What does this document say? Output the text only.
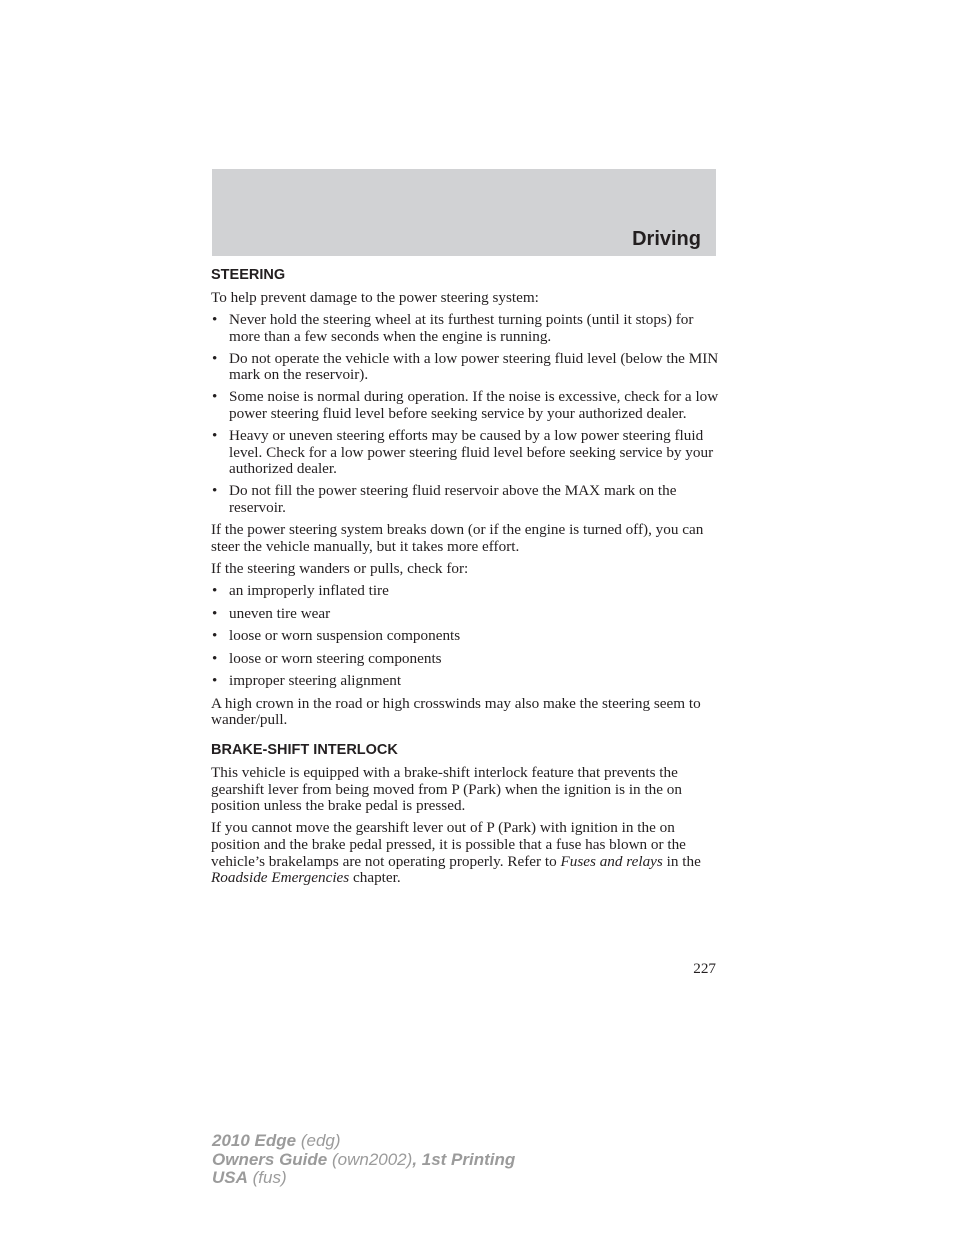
Driving
STEERING

To help prevent damage to the power steering system:

• Never hold the steering wheel at its furthest turning points (until it stops) for more than a few seconds when the engine is running.
• Do not operate the vehicle with a low power steering fluid level (below the MIN mark on the reservoir).
• Some noise is normal during operation. If the noise is excessive, check for a low power steering fluid level before seeking service by your authorized dealer.
• Heavy or uneven steering efforts may be caused by a low power steering fluid level. Check for a low power steering fluid level before seeking service by your authorized dealer.
• Do not fill the power steering fluid reservoir above the MAX mark on the reservoir.

If the power steering system breaks down (or if the engine is turned off), you can steer the vehicle manually, but it takes more effort.

If the steering wanders or pulls, check for:

• an improperly inflated tire
• uneven tire wear
• loose or worn suspension components
• loose or worn steering components
• improper steering alignment

A high crown in the road or high crosswinds may also make the steering seem to wander/pull.

BRAKE-SHIFT INTERLOCK

This vehicle is equipped with a brake-shift interlock feature that prevents the gearshift lever from being moved from P (Park) when the ignition is in the on position unless the brake pedal is pressed.

If you cannot move the gearshift lever out of P (Park) with ignition in the on position and the brake pedal pressed, it is possible that a fuse has blown or the vehicle’s brakelamps are not operating properly. Refer to Fuses and relays in the Roadside Emergencies chapter.

227
2010 Edge (edg)
Owners Guide (own2002), 1st Printing
USA (fus)
